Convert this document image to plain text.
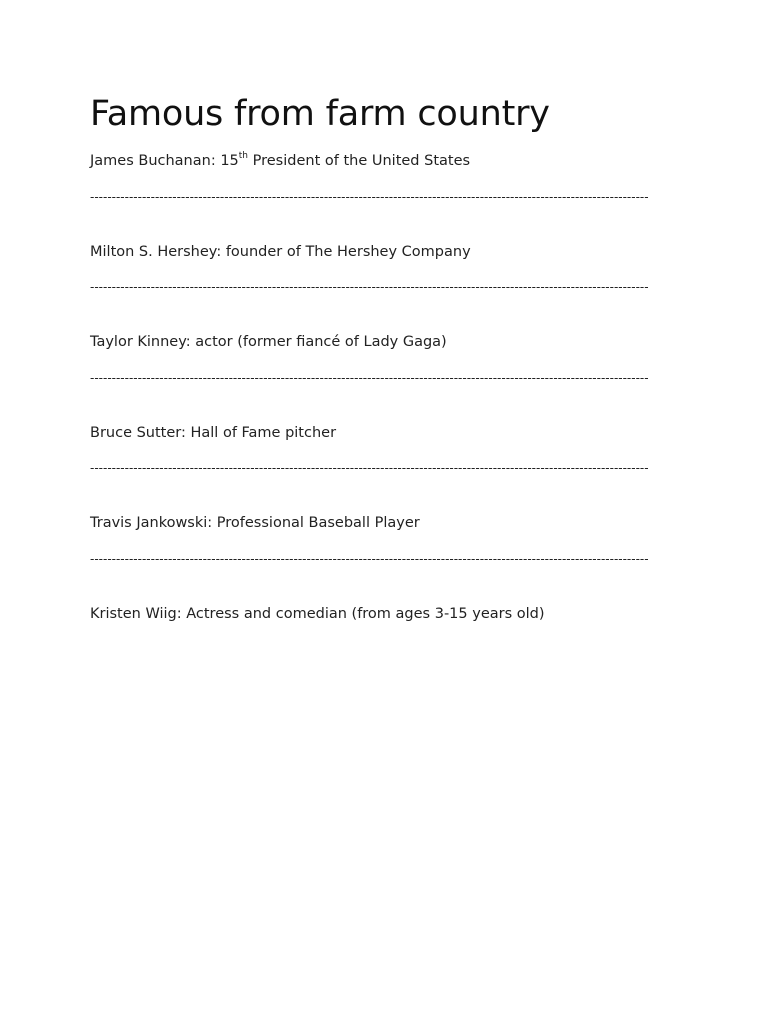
Famous from farm country

James Buchanan: 15th President of the United States

---------------------------------------------------------------------------------------------------------------------------------

Milton S. Hershey: founder of The Hershey Company

---------------------------------------------------------------------------------------------------------------------------------

Taylor Kinney: actor (former fiancé of Lady Gaga)

---------------------------------------------------------------------------------------------------------------------------------

Bruce Sutter: Hall of Fame pitcher

---------------------------------------------------------------------------------------------------------------------------------

Travis Jankowski: Professional Baseball Player

---------------------------------------------------------------------------------------------------------------------------------

Kristen Wiig: Actress and comedian (from ages 3-15 years old)
